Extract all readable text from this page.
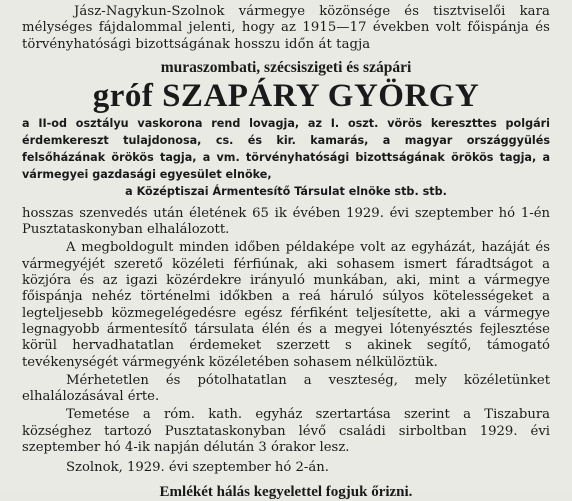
Jász-Nagykun-Szolnok vármegye közönsége és tisztviselői kara mélységes fájdalommal jelenti, hogy az 1915—17 években volt főispánja és törvényhatósági bizottságának hosszu időn át tagja

muraszombati, szécsiszigeti és szápári

gróf SZAPÁRY GYÖRGY

a II-od osztályu vaskorona rend lovagja, az I. oszt. vörös kereszttes polgári érdemkereszt tulajdonosa, cs. és kir. kamarás, a magyar országgyülés felsőházának örökös tagja, a vm. törvényhatósági bizottságának örökös tagja, a vármegyei gazdasági egyesület elnöke,
a Középtiszai Ármentesítő Társulat elnöke stb. stb.

hosszas szenvedés után életének 65 ik évében 1929. évi szeptember hó 1-én Pusztataskonyban elhalálozott.

A megboldogult minden időben példaképe volt az egyházát, hazáját és vármegyéjét szerető közéleti férfiúnak, aki sohasem ismert fáradtságot a közjóra és az igazi közérdekre irányuló munkában, aki, mint a vármegye főispánja nehéz történelmi időkben a reá háruló súlyos kötelességeket a legteljesebb közmegelégedésre egész férfiként teljesítette, aki a vármegye legnagyobb ármentesítő társulata élén és a megyei lótenyésztés fejlesztése körül hervadhatatlan érdemeket szerzett s akinek segítő, támogató tevékenységét vármegyénk közéletében sohasem nélkülöztük.

Mérhetetlen és pótolhatatlan a veszteség, mely közéletünket elhalálozásával érte.

Temetése a róm. kath. egyház szertartása szerint a Tiszabura községhez tartozó Pusztataskonyban lévő családi sirboltban 1929. évi szeptember hó 4-ik napján délután 3 órakor lesz.

Szolnok, 1929. évi szeptember hó 2-án.

Emlékét hálás kegyelettel fogjuk őrizni.
